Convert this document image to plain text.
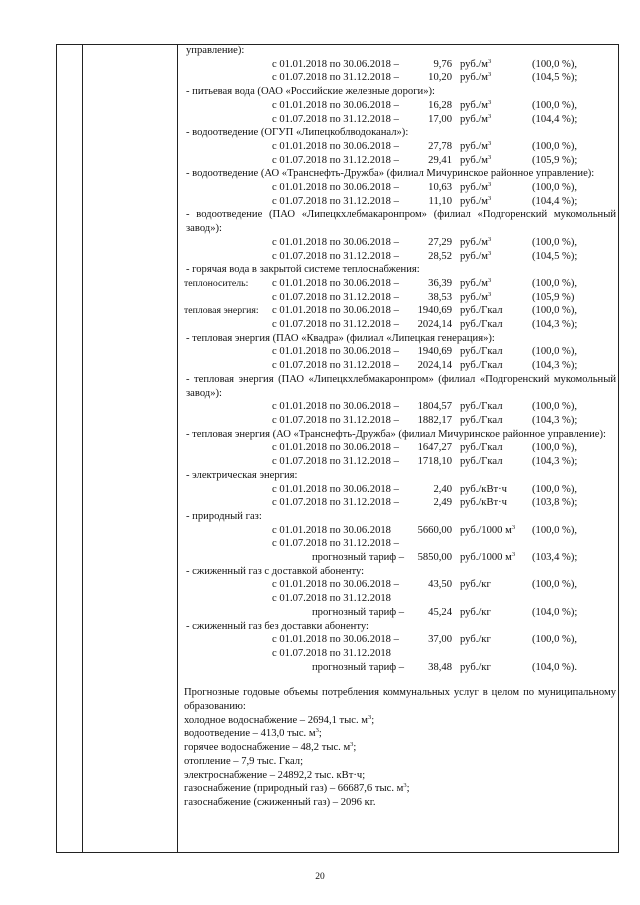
управление):

с 01.01.2018 по 30.06.2018 –	9,76 $руб./м^3$	(100,0 %),
с 01.07.2018 по 31.12.2018 –	10,20 $руб./м^3$	(104,5 %);

- питьевая вода (ОАО «Российские железные дороги»):

с 01.01.2018 по 30.06.2018 –	16,28 $руб./м^3$	(100,0 %),
с 01.07.2018 по 31.12.2018 –	17,00 $руб./м^3$	(104,4 %);

- водоотведение (ОГУП «Липецкоблводоканал»):

с 01.01.2018 по 30.06.2018 –	27,78 $руб./м^3$	(100,0 %),
с 01.07.2018 по 31.12.2018 –	29,41 $руб./м^3$	(105,9 %);

- водоотведение (АО «Транснефть-Дружба» (филиал Мичуринское районное управление):

с 01.01.2018 по 30.06.2018 –	10,63 $руб./м^3$	(100,0 %),
с 01.07.2018 по 31.12.2018 –	11,10 $руб./м^3$	(104,4 %);

- водоотведение (ПАО «Липецкхлебмакаронпром» (филиал «Подгоренский мукомольный завод»):

с 01.01.2018 по 30.06.2018 –	27,29 $руб./м^3$	(100,0 %),
с 01.07.2018 по 31.12.2018 –	28,52 $руб./м^3$	(104,5 %);

- горячая вода в закрытой системе теплоснабжения:

теплоноситель:	с 01.01.2018 по 30.06.2018 –	36,39 $руб./м^3$	(100,0 %),
с 01.07.2018 по 31.12.2018 –	38,53 $руб./м^3$	(105,9 %)
тепловая энергия:	с 01.01.2018 по 30.06.2018 –	1940,69 руб./Гкал	(100,0 %),
с 01.07.2018 по 31.12.2018 –	2024,14 руб./Гкал	(104,3 %);

- тепловая энергия (ПАО «Квадра» (филиал «Липецкая генерация»):

с 01.01.2018 по 30.06.2018 –	1940,69 руб./Гкал	(100,0 %),
с 01.07.2018 по 31.12.2018 –	2024,14 руб./Гкал	(104,3 %);

- тепловая энергия (ПАО «Липецкхлебмакаронпром» (филиал «Подгоренский мукомольный завод»):

с 01.01.2018 по 30.06.2018 –	1804,57 руб./Гкал	(100,0 %),
с 01.07.2018 по 31.12.2018 –	1882,17 руб./Гкал	(104,3 %);

- тепловая энергия (АО «Транснефть-Дружба» (филиал Мичуринское районное управление):

с 01.01.2018 по 30.06.2018 –	1647,27 руб./Гкал	(100,0 %),
с 01.07.2018 по 31.12.2018 –	1718,10 руб./Гкал	(104,3 %);

- электрическая энергия:

с 01.01.2018 по 30.06.2018 –	2,40 руб./кВт·ч	(100,0 %),
с 01.07.2018 по 31.12.2018 –	2,49 руб./кВт·ч	(103,8 %);

- природный газ:

с 01.01.2018 по 30.06.2018	5660,00 руб./1000 $м^3$	(100,0 %),
с 01.07.2018 по 31.12.2018 –
прогнозный тариф –	5850,00 руб./1000 $м^3$	(103,4 %);

- сжиженный газ с доставкой абоненту:

с 01.01.2018 по 30.06.2018 –	43,50 руб./кг	(100,0 %),
с 01.07.2018 по 31.12.2018
прогнозный тариф –	45,24 руб./кг	(104,0 %);

- сжиженный газ без доставки абоненту:

с 01.01.2018 по 30.06.2018 –	37,00 руб./кг	(100,0 %),
с 01.07.2018 по 31.12.2018
прогнозный тариф –	38,48 руб./кг	(104,0 %).

Прогнозные годовые объемы потребления коммунальных услуг в целом по муниципальному образованию:

холодное водоснабжение – 2694,1 тыс. $м^3$;

водоотведение – 413,0 тыс. $м^3$;

горячее водоснабжение – 48,2 тыс. $м^3$;

отопление – 7,9 тыс. Гкал;

электроснабжение – 24892,2 тыс. кВт·ч;

газоснабжение (природный газ) – 66687,6 тыс. $м^3$;

газоснабжение (сжиженный газ) – 2096 кг.

20
